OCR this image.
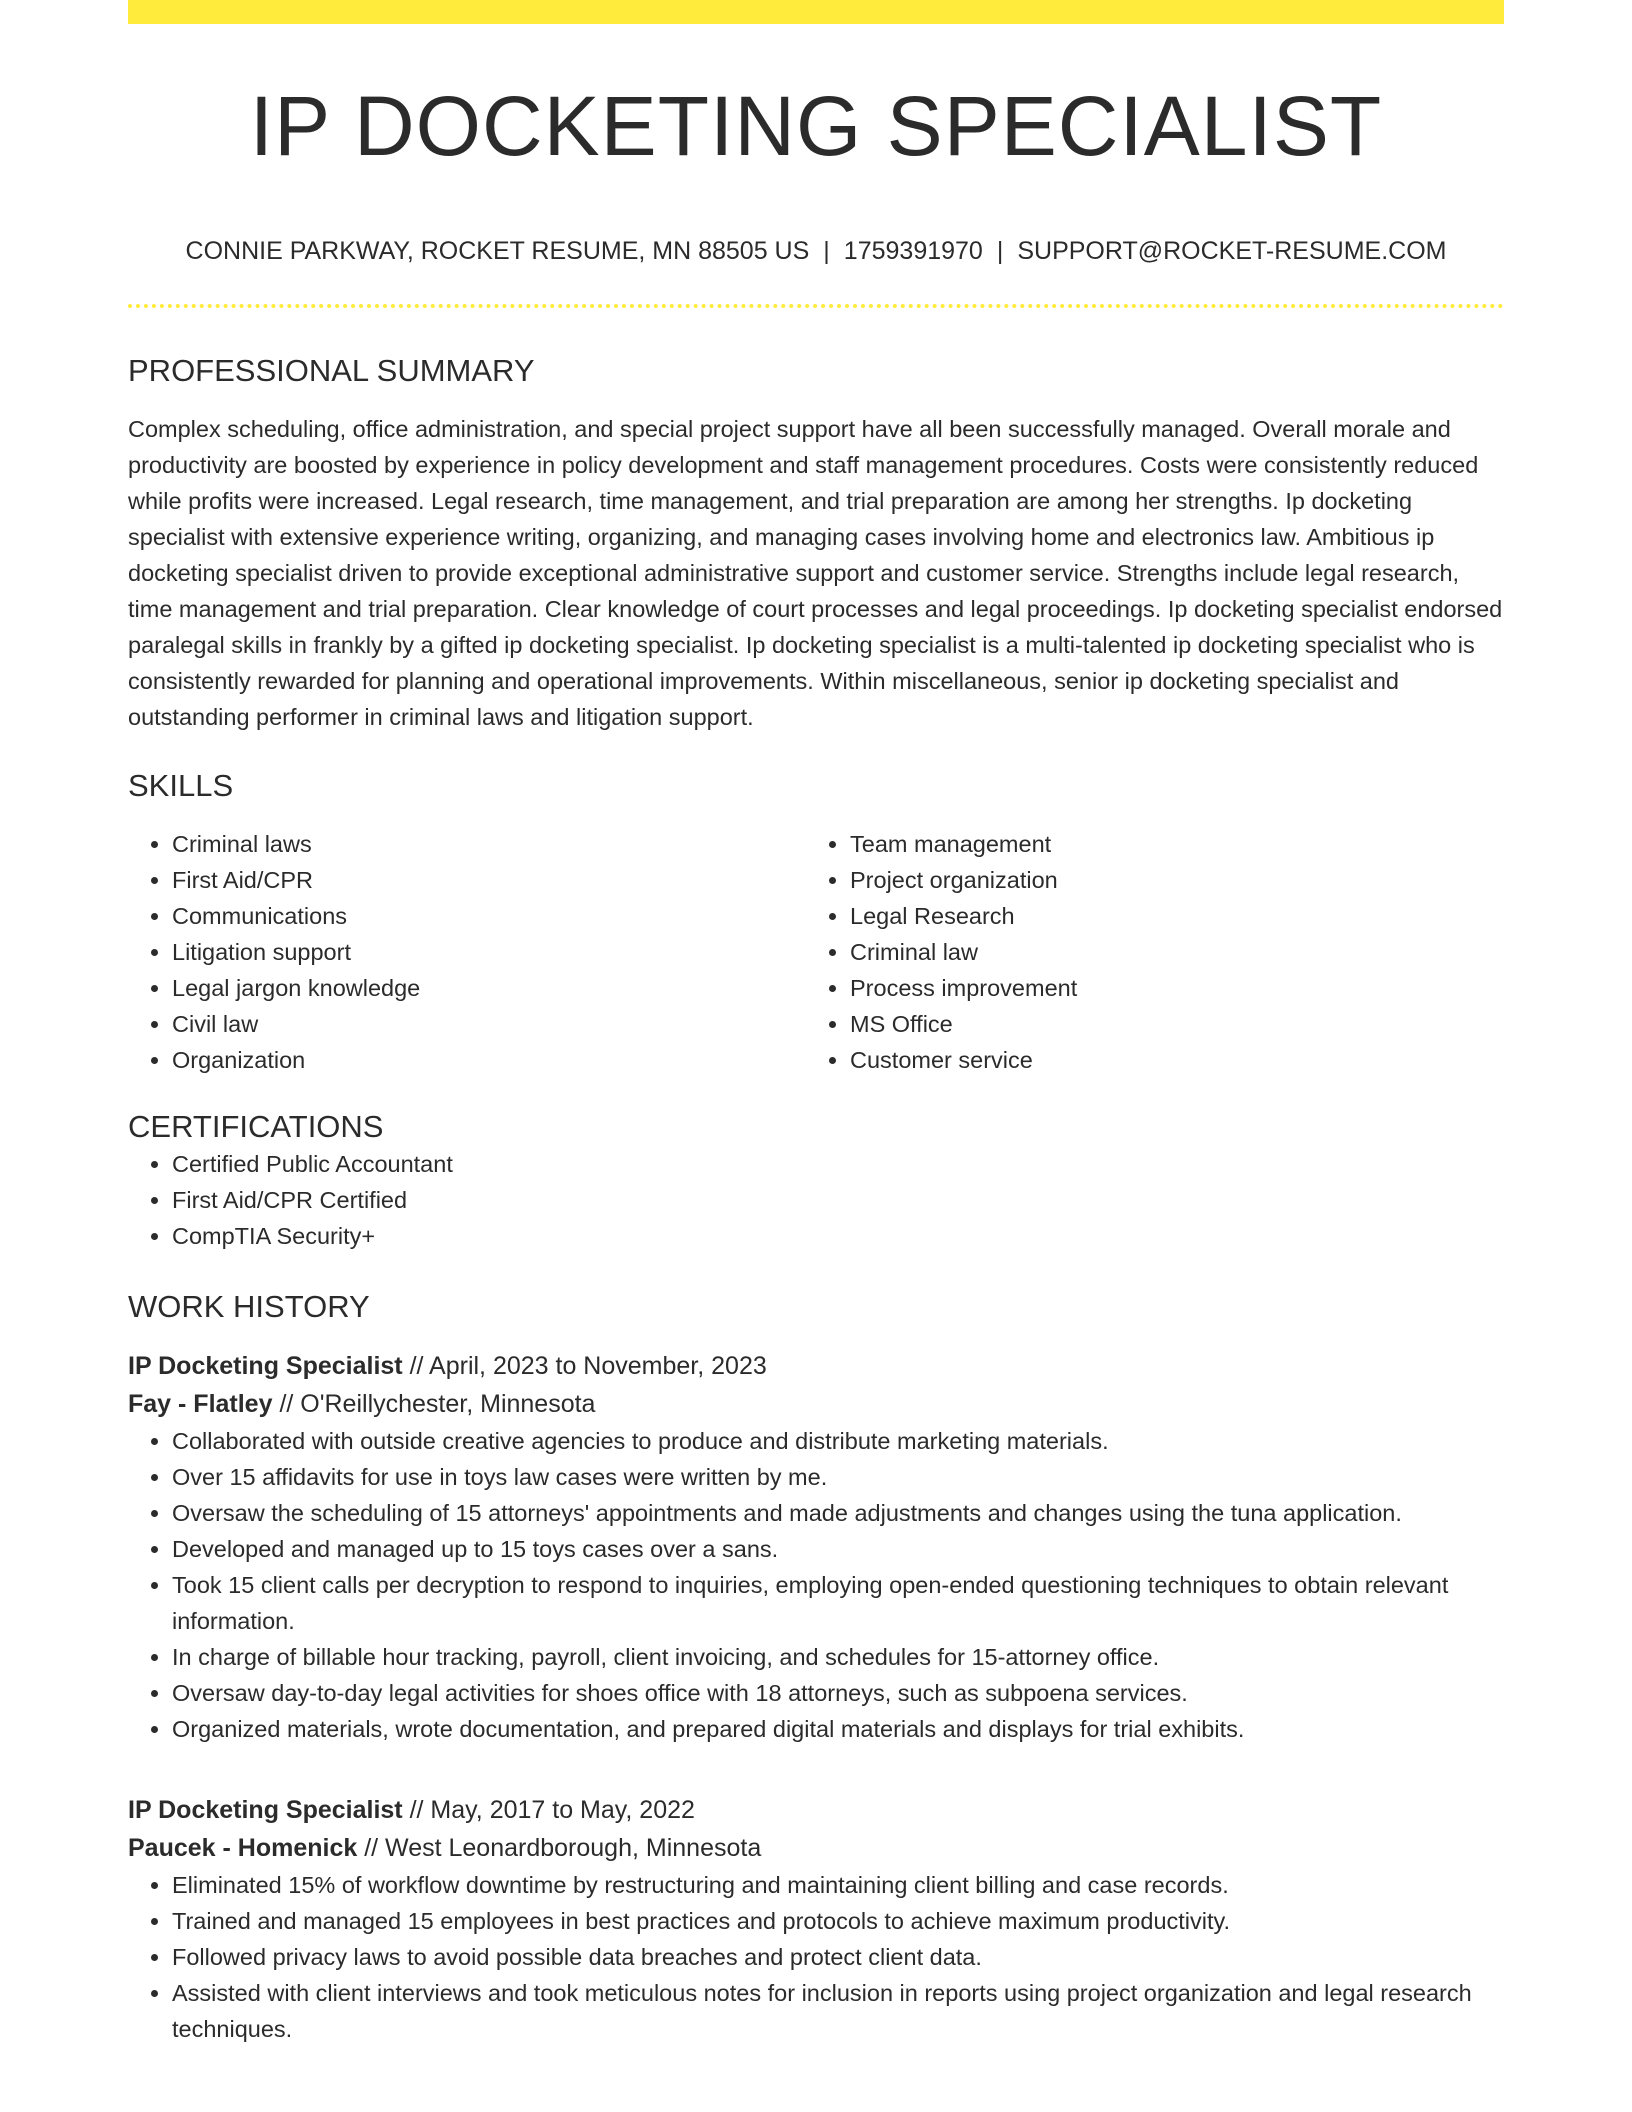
IP DOCKETING SPECIALIST
CONNIE PARKWAY, ROCKET RESUME, MN 88505 US | 1759391970 | SUPPORT@ROCKET-RESUME.COM
PROFESSIONAL SUMMARY

Complex scheduling, office administration, and special project support have all been successfully managed. Overall morale and productivity are boosted by experience in policy development and staff management procedures. Costs were consistently reduced while profits were increased. Legal research, time management, and trial preparation are among her strengths. Ip docketing specialist with extensive experience writing, organizing, and managing cases involving home and electronics law. Ambitious ip docketing specialist driven to provide exceptional administrative support and customer service. Strengths include legal research, time management and trial preparation. Clear knowledge of court processes and legal proceedings. Ip docketing specialist endorsed paralegal skills in frankly by a gifted ip docketing specialist. Ip docketing specialist is a multi-talented ip docketing specialist who is consistently rewarded for planning and operational improvements. Within miscellaneous, senior ip docketing specialist and outstanding performer in criminal laws and litigation support.

SKILLS
• Criminal laws
• First Aid/CPR
• Communications
• Litigation support
• Legal jargon knowledge
• Civil law
• Organization
• Team management
• Project organization
• Legal Research
• Criminal law
• Process improvement
• MS Office
• Customer service
CERTIFICATIONS
• Certified Public Accountant
• First Aid/CPR Certified
• CompTIA Security+
WORK HISTORY
IP Docketing Specialist // April, 2023 to November, 2023
Fay - Flatley // O'Reillychester, Minnesota
• Collaborated with outside creative agencies to produce and distribute marketing materials.
• Over 15 affidavits for use in toys law cases were written by me.
• Oversaw the scheduling of 15 attorneys' appointments and made adjustments and changes using the tuna application.
• Developed and managed up to 15 toys cases over a sans.
• Took 15 client calls per decryption to respond to inquiries, employing open-ended questioning techniques to obtain relevant information.
• In charge of billable hour tracking, payroll, client invoicing, and schedules for 15-attorney office.
• Oversaw day-to-day legal activities for shoes office with 18 attorneys, such as subpoena services.
• Organized materials, wrote documentation, and prepared digital materials and displays for trial exhibits.
IP Docketing Specialist // May, 2017 to May, 2022
Paucek - Homenick // West Leonardborough, Minnesota
• Eliminated 15% of workflow downtime by restructuring and maintaining client billing and case records.
• Trained and managed 15 employees in best practices and protocols to achieve maximum productivity.
• Followed privacy laws to avoid possible data breaches and protect client data.
• Assisted with client interviews and took meticulous notes for inclusion in reports using project organization and legal research techniques.
